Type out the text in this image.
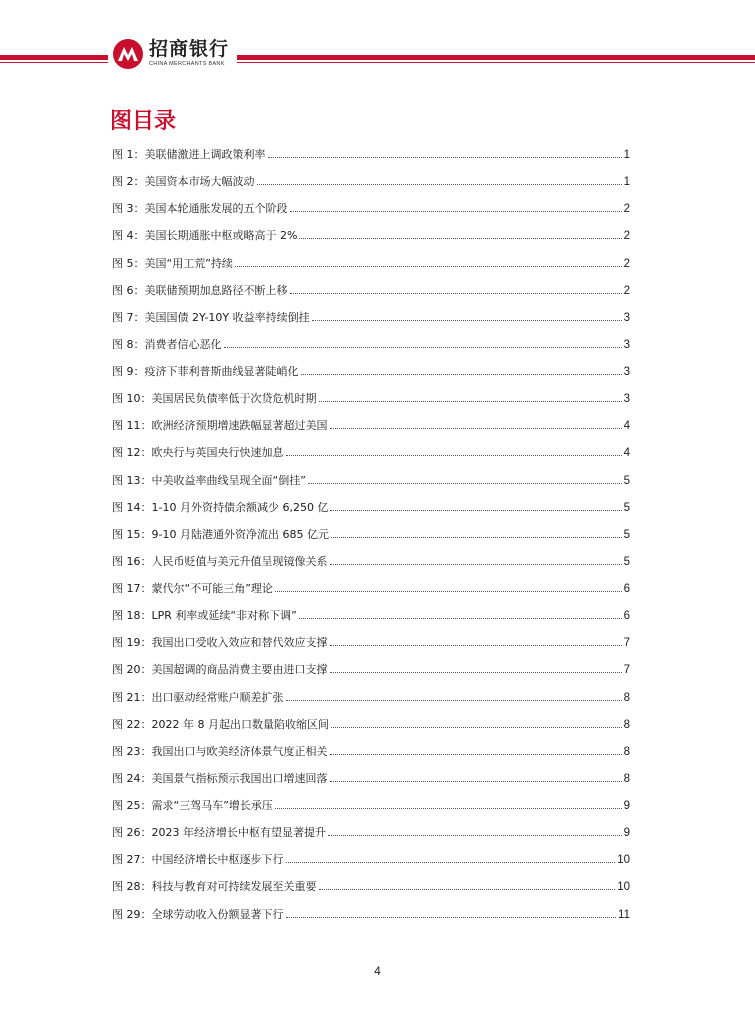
招商银行
CHINA MERCHANTS BANK
图目录
图 1：美联储激进上调政策利率	1
图 2：美国资本市场大幅波动	1
图 3：美国本轮通胀发展的五个阶段	2
图 4：美国长期通胀中枢或略高于 2%	2
图 5：美国“用工荒”持续	2
图 6：美联储预期加息路径不断上移	2
图 7：美国国债 2Y-10Y 收益率持续倒挂	3
图 8：消费者信心恶化	3
图 9：疫济下菲利普斯曲线显著陡峭化	3
图 10：美国居民负债率低于次贷危机时期	3
图 11：欧洲经济预期增速跌幅显著超过美国	4
图 12：欧央行与英国央行快速加息	4
图 13：中美收益率曲线呈现全面“倒挂”	5
图 14：1-10 月外资持债余额减少 6,250 亿	5
图 15：9-10 月陆港通外资净流出 685 亿元	5
图 16：人民币贬值与美元升值呈现镜像关系	5
图 17：蒙代尔“不可能三角”理论	6
图 18：LPR 利率或延续“非对称下调”	6
图 19：我国出口受收入效应和替代效应支撑	7
图 20：美国超调的商品消费主要由进口支撑	7
图 21：出口驱动经常账户顺差扩张	8
图 22：2022 年 8 月起出口数量陷收缩区间	8
图 23：我国出口与欧美经济体景气度正相关	8
图 24：美国景气指标预示我国出口增速回落	8
图 25：需求“三驾马车”增长承压	9
图 26：2023 年经济增长中枢有望显著提升	9
图 27：中国经济增长中枢逐步下行	10
图 28：科技与教育对可持续发展至关重要	10
图 29：全球劳动收入份额显著下行	11
4
